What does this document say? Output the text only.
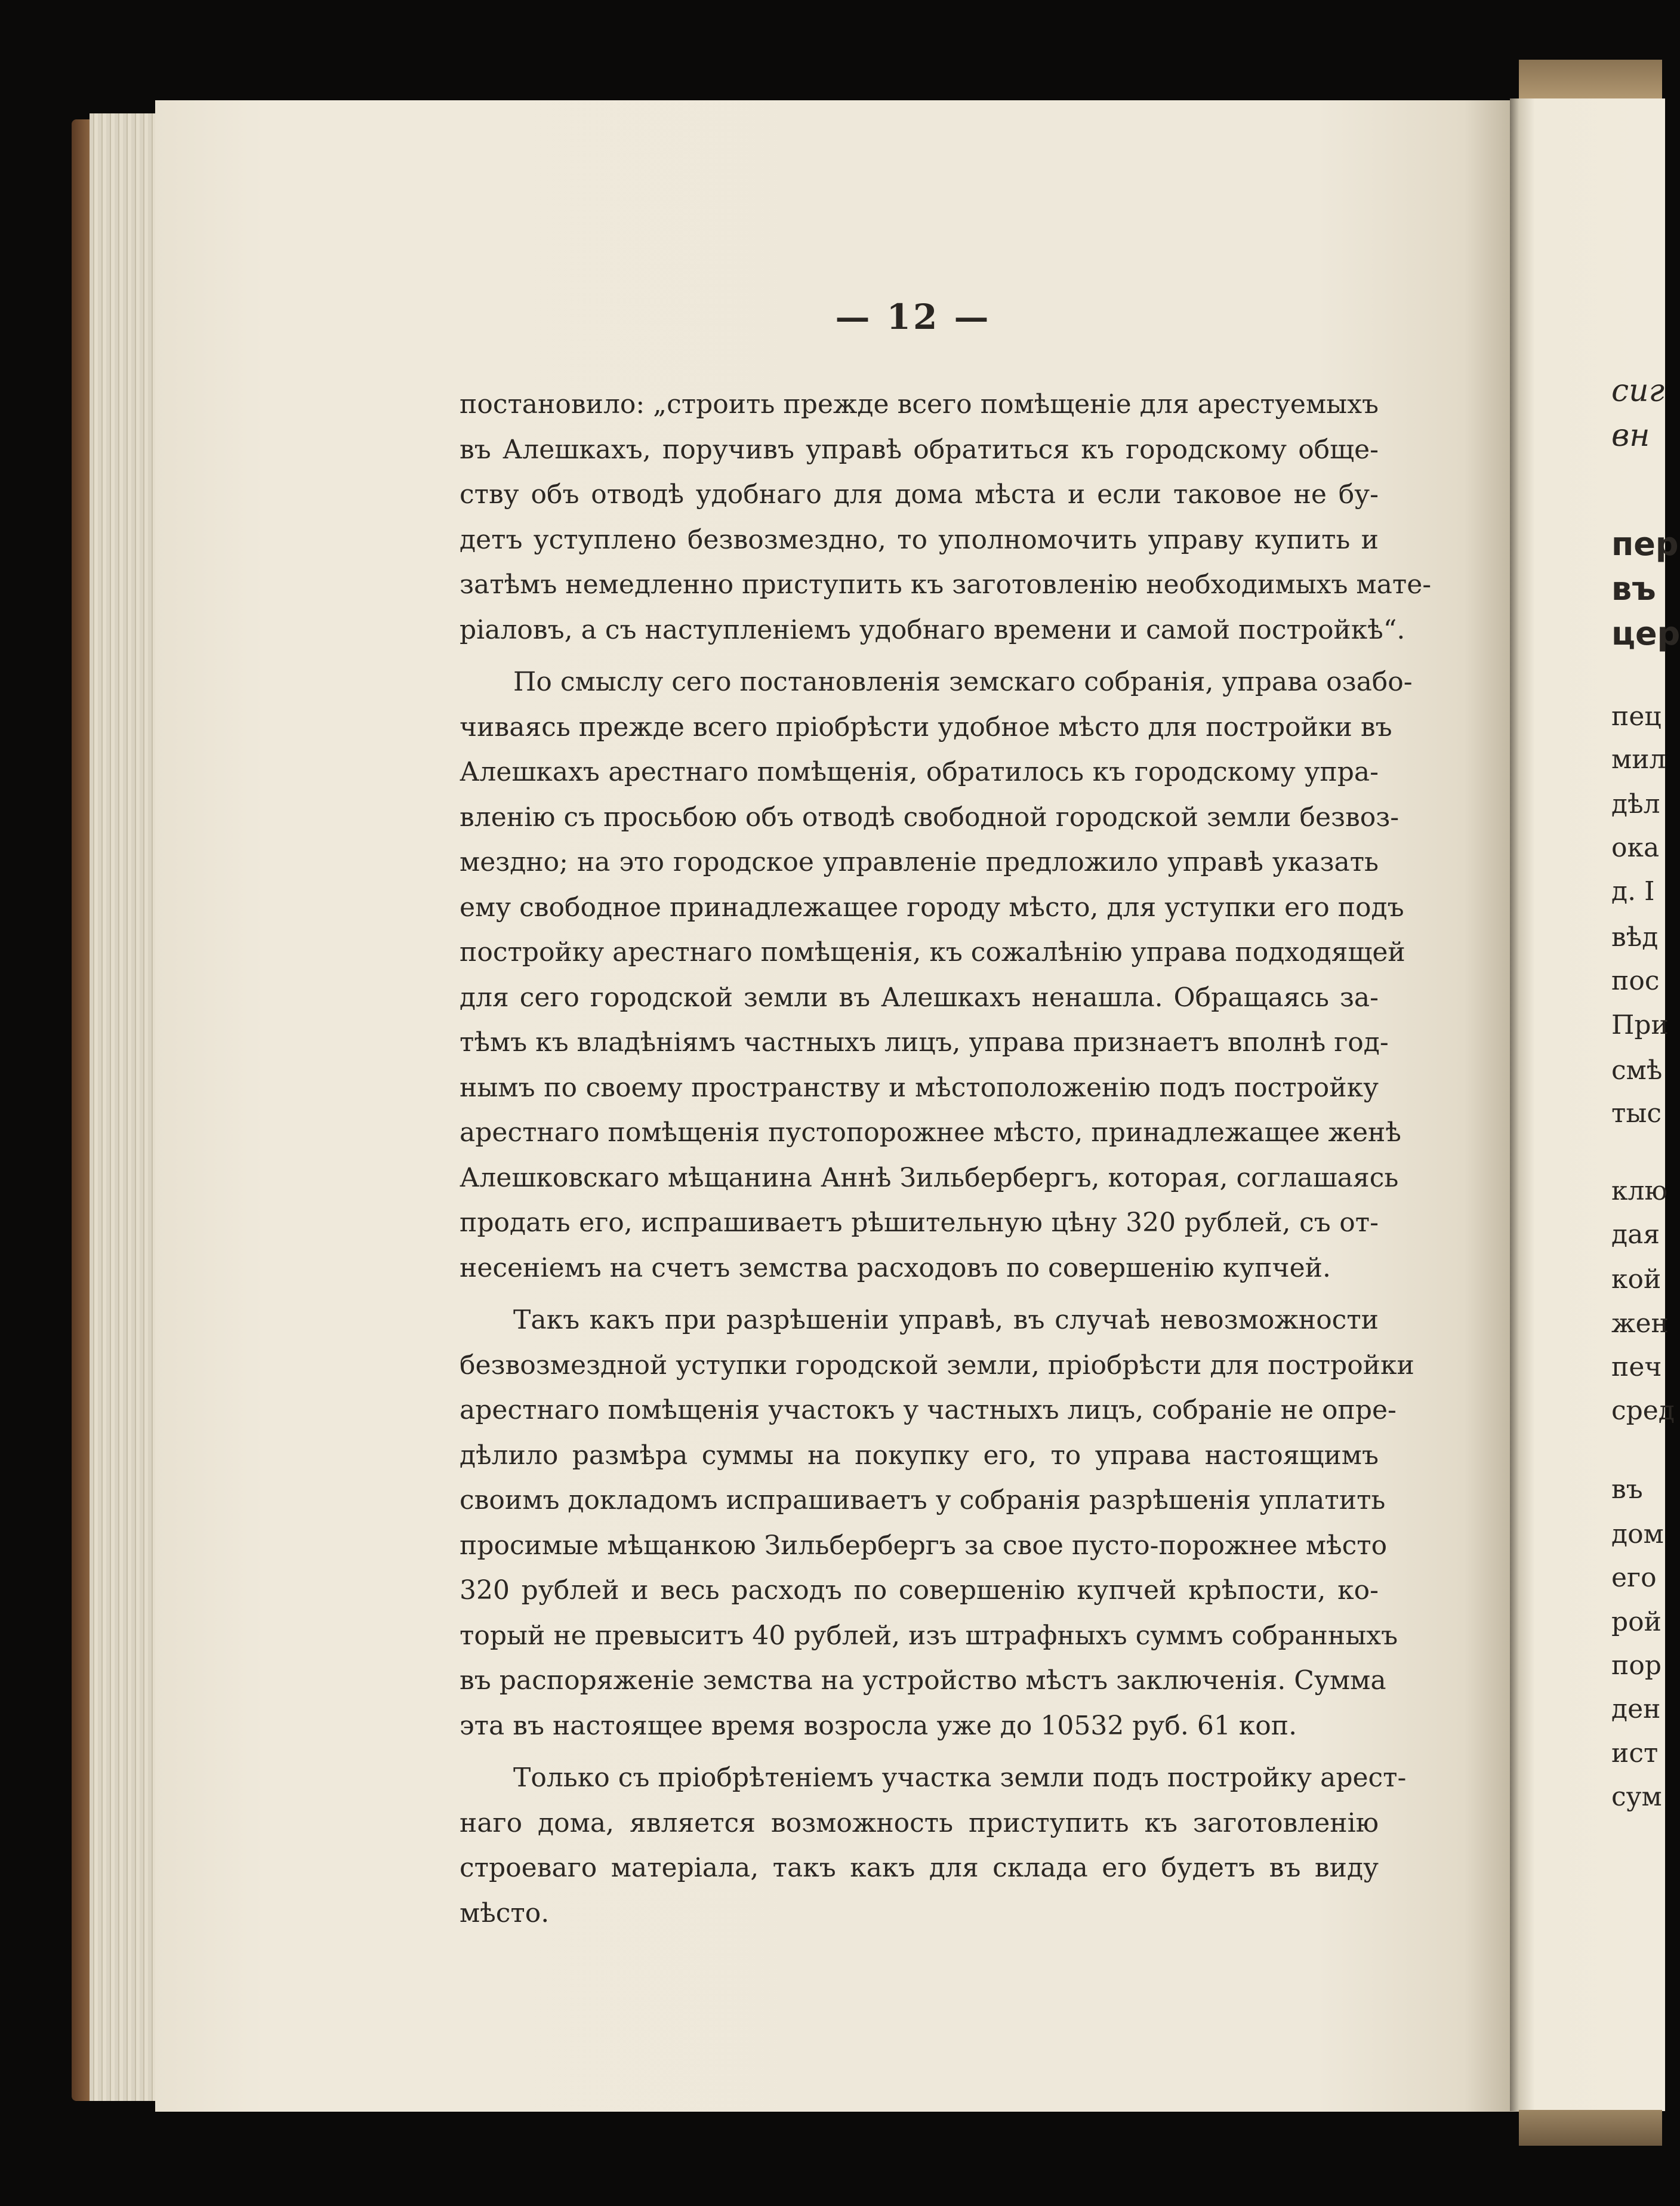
— 12 —
постановило: „строить прежде всего помѣщеніе для арестуемыхъ
въ Алешкахъ, поручивъ управѣ обратиться къ городскому обще-
ству объ отводѣ удобнаго для дома мѣста и если таковое не бу-
детъ уступлено безвозмездно, то уполномочить управу купить и
затѣмъ немедленно приступить къ заготовленію необходимыхъ мате-
ріаловъ, а съ наступленіемъ удобнаго времени и самой постройкѣ“.
По смыслу сего постановленія земскаго собранія, управа озабо-
чиваясь прежде всего пріобрѣсти удобное мѣсто для постройки въ
Алешкахъ арестнаго помѣщенія, обратилось къ городскому упра-
вленію съ просьбою объ отводѣ свободной городской земли безвоз-
мездно; на это городское управленіе предложило управѣ указать
ему свободное принадлежащее городу мѣсто, для уступки его подъ
постройку арестнаго помѣщенія, къ сожалѣнію управа подходящей
для сего городской земли въ Алешкахъ ненашла. Обращаясь за-
тѣмъ къ владѣніямъ частныхъ лицъ, управа признаетъ вполнѣ год-
нымъ по своему пространству и мѣстоположенію подъ постройку
арестнаго помѣщенія пустопорожнее мѣсто, принадлежащее женѣ
Алешковскаго мѣщанина Аннѣ Зильбербергъ, которая, соглашаясь
продать его, испрашиваетъ рѣшительную цѣну 320 рублей, съ от-
несеніемъ на счетъ земства расходовъ по совершенію купчей.
Такъ какъ при разрѣшеніи управѣ, въ случаѣ невозможности
безвозмездной уступки городской земли, пріобрѣсти для постройки
арестнаго помѣщенія участокъ у частныхъ лицъ, собраніе не опре-
дѣлило размѣра суммы на покупку его, то управа настоящимъ
своимъ докладомъ испрашиваетъ у собранія разрѣшенія уплатить
просимые мѣщанкою Зильбербергъ за свое пусто-порожнее мѣсто
320 рублей и весь расходъ по совершенію купчей крѣпости, ко-
торый не превыситъ 40 рублей, изъ штрафныхъ суммъ собранныхъ
въ распоряженіе земства на устройство мѣстъ заключенія. Сумма
эта въ настоящее время возросла уже до 10532 руб. 61 коп.
Только съ пріобрѣтеніемъ участка земли подъ постройку арест-
наго дома, является возможность приступить къ заготовленію
строеваго матеріала, такъ какъ для склада его будетъ въ виду
мѣсто.
сиг
вн
пер
въ
цер
пец
мил
дѣл
ока
д. I
вѣд
пос
При
смѣ
тыс
клю
дая
кой
жен
печ
сред
въ
дом
его
рой
пор
ден
ист
сум
